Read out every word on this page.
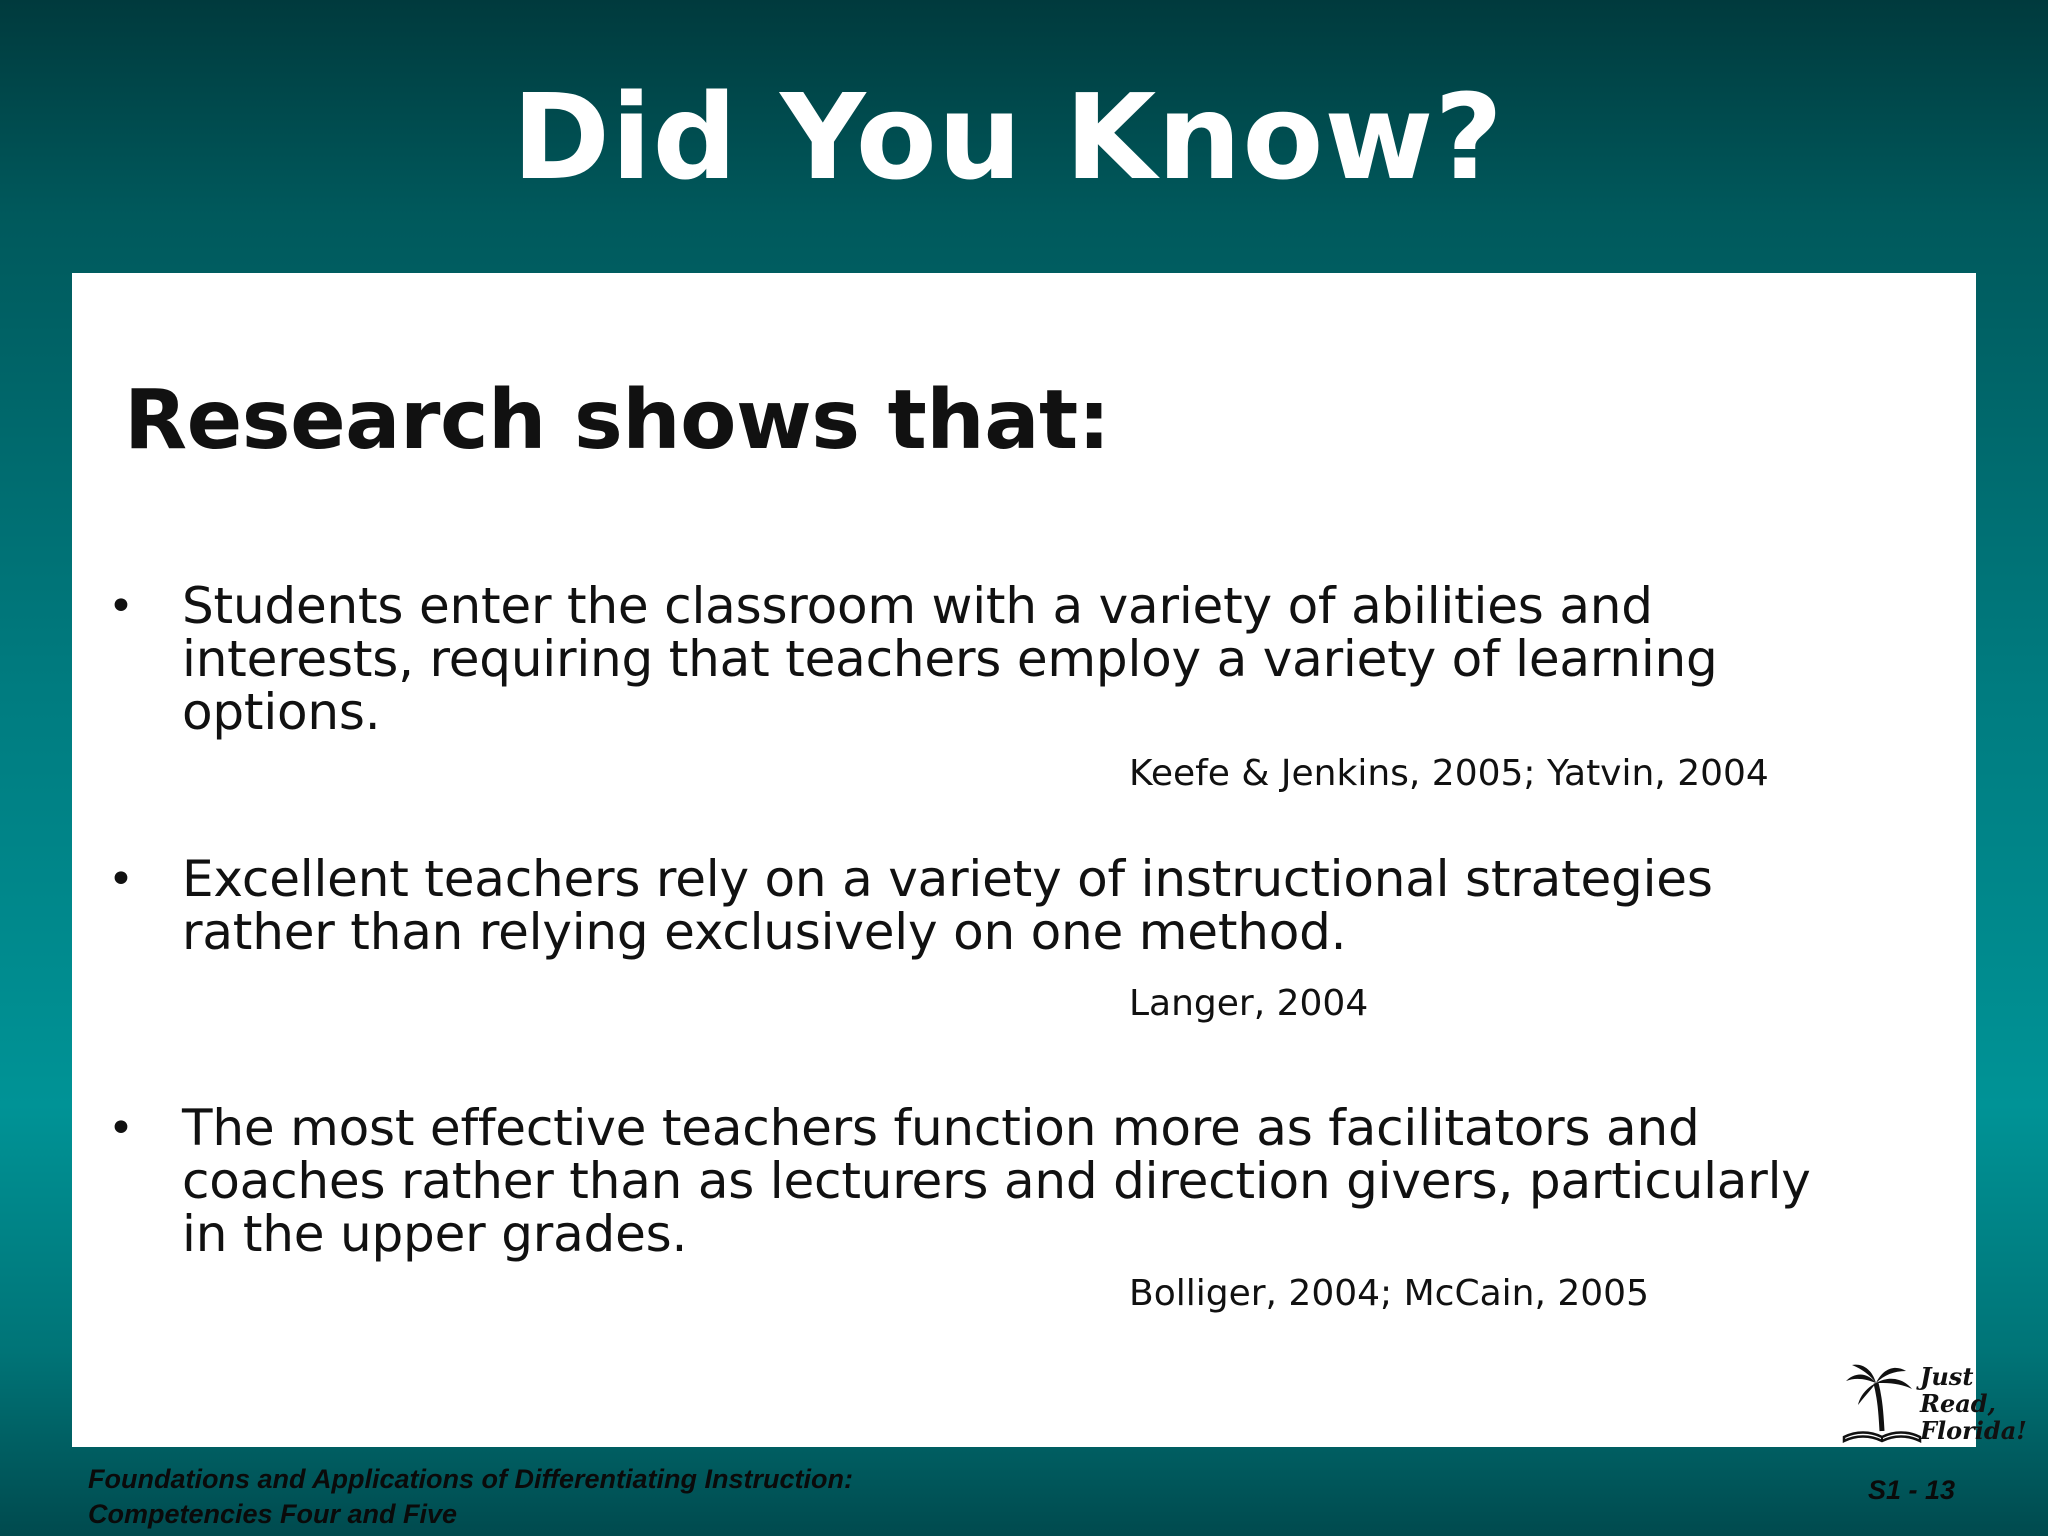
Did You Know?
Research shows that:
• Students enter the classroom with a variety of abilities and
interests, requiring that teachers employ a variety of learning
options.
Keefe & Jenkins, 2005; Yatvin, 2004
• Excellent teachers rely on a variety of instructional strategies
rather than relying exclusively on one method.
Langer, 2004
• The most effective teachers function more as facilitators and
coaches rather than as lecturers and direction givers, particularly
in the upper grades.
Bolliger, 2004; McCain, 2005
Just Read,
Florida!
Foundations and Applications of Differentiating Instruction:
Competencies Four and Five
S1 - 13
